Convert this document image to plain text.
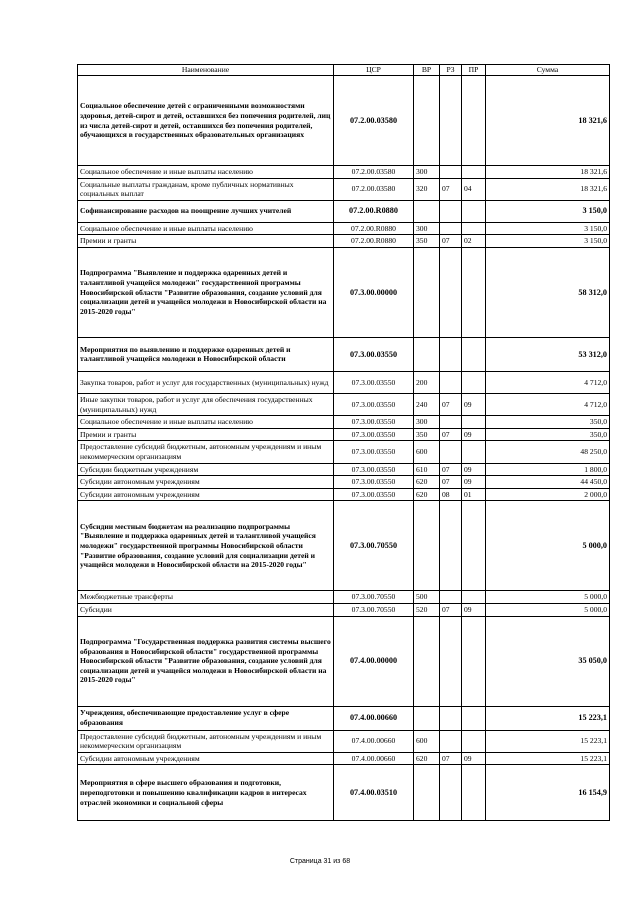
Наименование	ЦСР	ВР	РЗ	ПР	Сумма
Социальное обеспечение детей с ограниченными возможностями здоровья, детей-сирот и детей, оставшихся без попечения родителей, лиц из числа детей-сирот и детей, оставшихся без попечения родителей, обучающихся в государственных образовательных организациях	07.2.00.03580				18 321,6
Социальное обеспечение и иные выплаты населению	07.2.00.03580	300			18 321,6
Социальные выплаты гражданам, кроме публичных нормативных социальных выплат	07.2.00.03580	320	07	04	18 321,6
Софинансирование расходов на поощрение лучших учителей	07.2.00.R0880				3 150,0
Социальное обеспечение и иные выплаты населению	07.2.00.R0880	300			3 150,0
Премии и гранты	07.2.00.R0880	350	07	02	3 150,0
Подпрограмма "Выявление и поддержка одаренных детей и талантливой учащейся молодежи" государственной программы Новосибирской области "Развитие образования, создание условий для социализации детей и учащейся молодежи в Новосибирской области на 2015-2020 годы"	07.3.00.00000				58 312,0
Мероприятия по выявлению и поддержке одаренных детей и талантливой учащейся молодежи в Новосибирской области	07.3.00.03550				53 312,0
Закупка товаров, работ и услуг для государственных (муниципальных) нужд	07.3.00.03550	200			4 712,0
Иные закупки товаров, работ и услуг для обеспечения государственных (муниципальных) нужд	07.3.00.03550	240	07	09	4 712,0
Социальное обеспечение и иные выплаты населению	07.3.00.03550	300			350,0
Премии и гранты	07.3.00.03550	350	07	09	350,0
Предоставление субсидий бюджетным, автономным учреждениям и иным некоммерческим организациям	07.3.00.03550	600			48 250,0
Субсидии бюджетным учреждениям	07.3.00.03550	610	07	09	1 800,0
Субсидии автономным учреждениям	07.3.00.03550	620	07	09	44 450,0
Субсидии автономным учреждениям	07.3.00.03550	620	08	01	2 000,0
Субсидии местным бюджетам на реализацию подпрограммы "Выявление и поддержка одаренных детей и талантливой учащейся молодежи" государственной программы Новосибирской области "Развитие образования, создание условий для социализации детей и учащейся молодежи в Новосибирской области на 2015-2020 годы"	07.3.00.70550				5 000,0
Межбюджетные трансферты	07.3.00.70550	500			5 000,0
Субсидии	07.3.00.70550	520	07	09	5 000,0
Подпрограмма "Государственная поддержка развития системы высшего образования в Новосибирской области" государственной программы Новосибирской области "Развитие образования, создание условий для социализации детей и учащейся молодежи в Новосибирской области на 2015-2020 годы"	07.4.00.00000				35 050,0
Учреждения, обеспечивающие предоставление услуг в сфере образования	07.4.00.00660				15 223,1
Предоставление субсидий бюджетным, автономным учреждениям и иным некоммерческим организациям	07.4.00.00660	600			15 223,1
Субсидии автономным учреждениям	07.4.00.00660	620	07	09	15 223,1
Мероприятия в сфере высшего образования и подготовки, переподготовки и повышению квалификации кадров в интересах отраслей экономики и социальной сферы	07.4.00.03510				16 154,9
Страница 31 из 68
